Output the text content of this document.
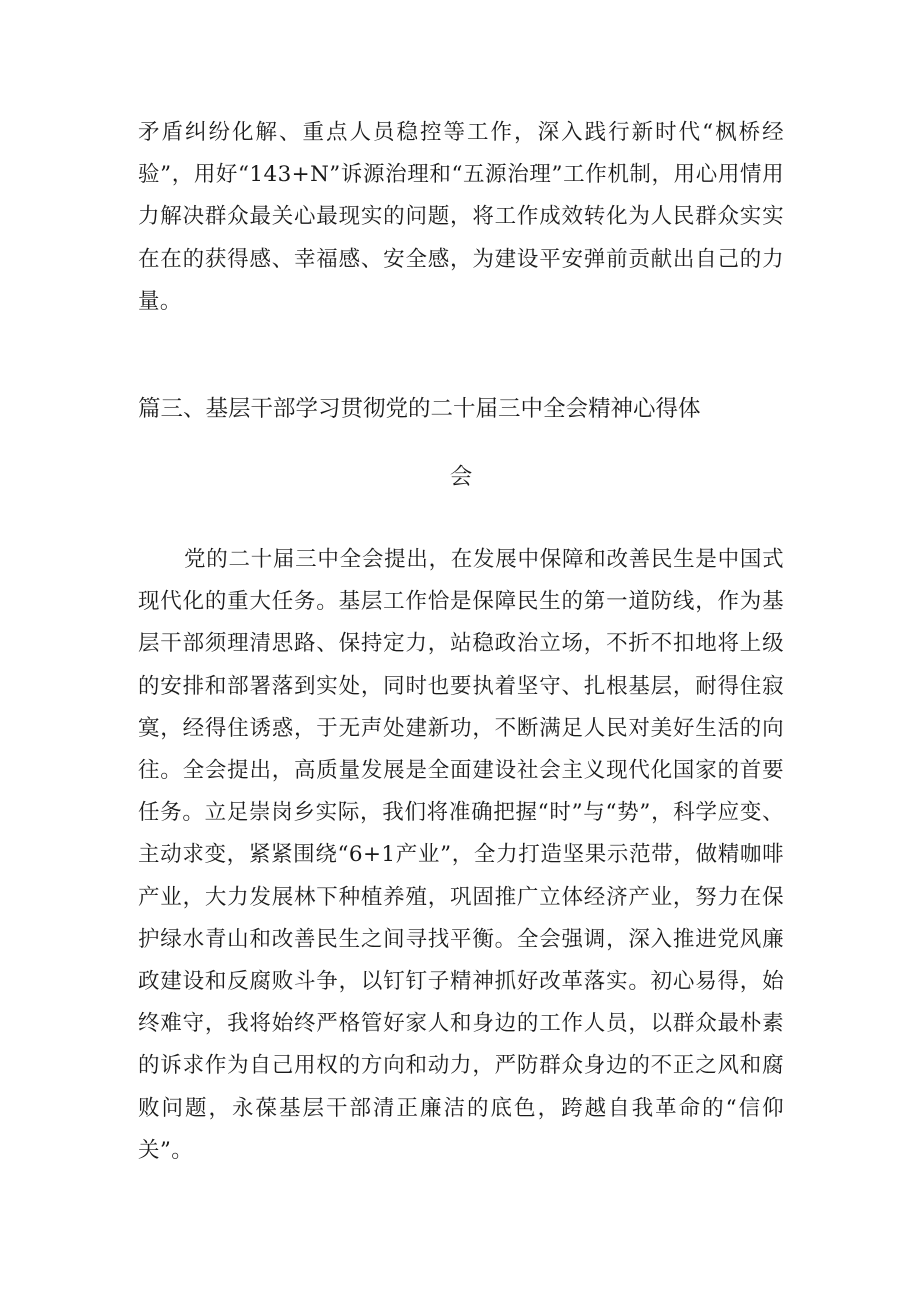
矛盾纠纷化解、重点人员稳控等工作，深入践行新时代“枫桥经验”，用好“143+N”诉源治理和“五源治理”工作机制，用心用情用力解决群众最关心最现实的问题，将工作成效转化为人民群众实实在在的获得感、幸福感、安全感，为建设平安弹前贡献出自己的力量。

篇三、基层干部学习贯彻党的二十届三中全会精神心得体
会

党的二十届三中全会提出，在发展中保障和改善民生是中国式现代化的重大任务。基层工作恰是保障民生的第一道防线，作为基层干部须理清思路、保持定力，站稳政治立场，不折不扣地将上级的安排和部署落到实处，同时也要执着坚守、扎根基层，耐得住寂寞，经得住诱惑，于无声处建新功，不断满足人民对美好生活的向往。全会提出，高质量发展是全面建设社会主义现代化国家的首要任务。立足崇岗乡实际，我们将准确把握“时”与“势”，科学应变、主动求变，紧紧围绕“6+1产业”，全力打造坚果示范带，做精咖啡产业，大力发展林下种植养殖，巩固推广立体经济产业，努力在保护绿水青山和改善民生之间寻找平衡。全会强调，深入推进党风廉政建设和反腐败斗争，以钉钉子精神抓好改革落实。初心易得，始终难守，我将始终严格管好家人和身边的工作人员，以群众最朴素的诉求作为自己用权的方向和动力，严防群众身边的不正之风和腐败问题，永葆基层干部清正廉洁的底色，跨越自我革命的“信仰关”。
